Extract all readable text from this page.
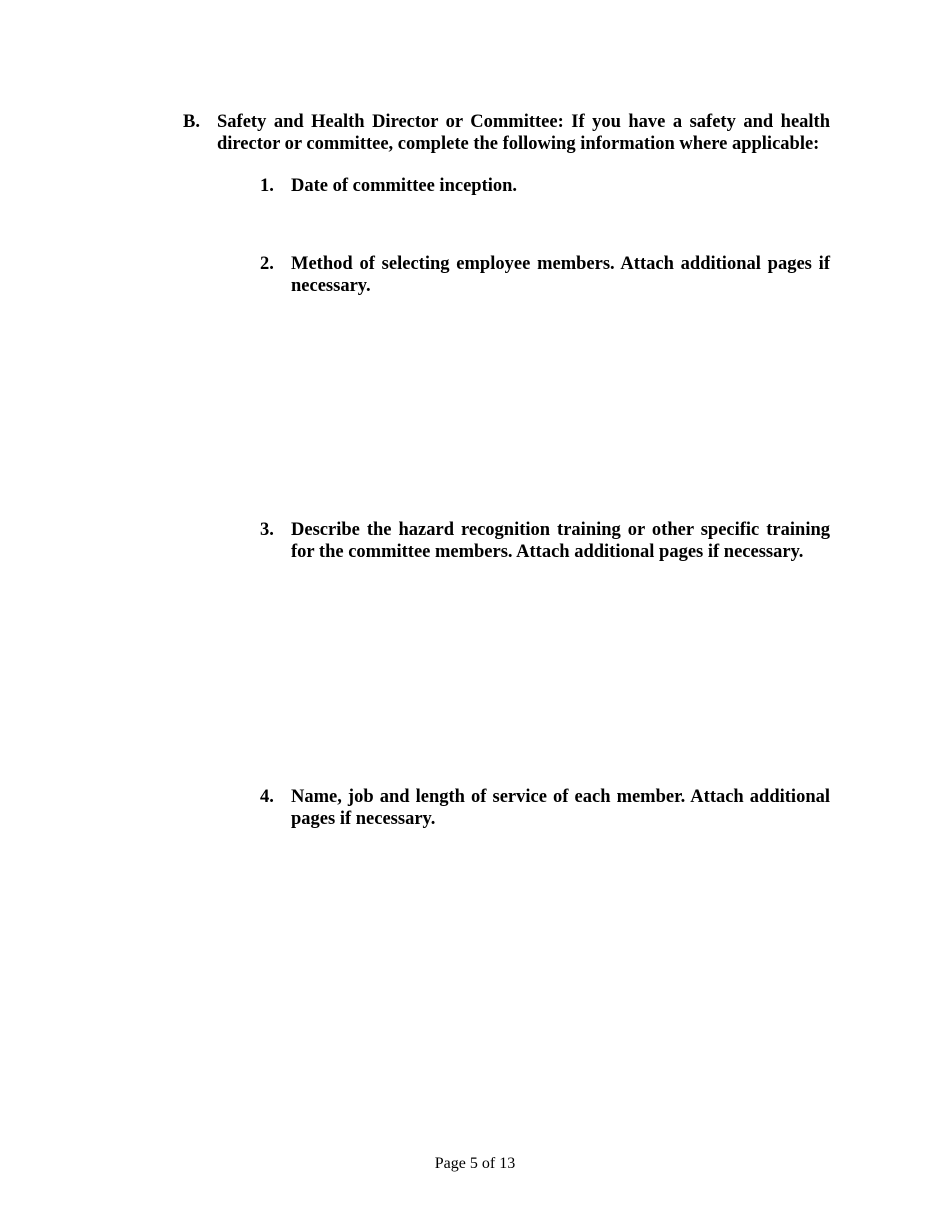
B. Safety and Health Director or Committee: If you have a safety and health director or committee, complete the following information where applicable:
1. Date of committee inception.
2. Method of selecting employee members. Attach additional pages if necessary.
3. Describe the hazard recognition training or other specific training for the committee members. Attach additional pages if necessary.
4. Name, job and length of service of each member. Attach additional pages if necessary.
Page 5 of 13
